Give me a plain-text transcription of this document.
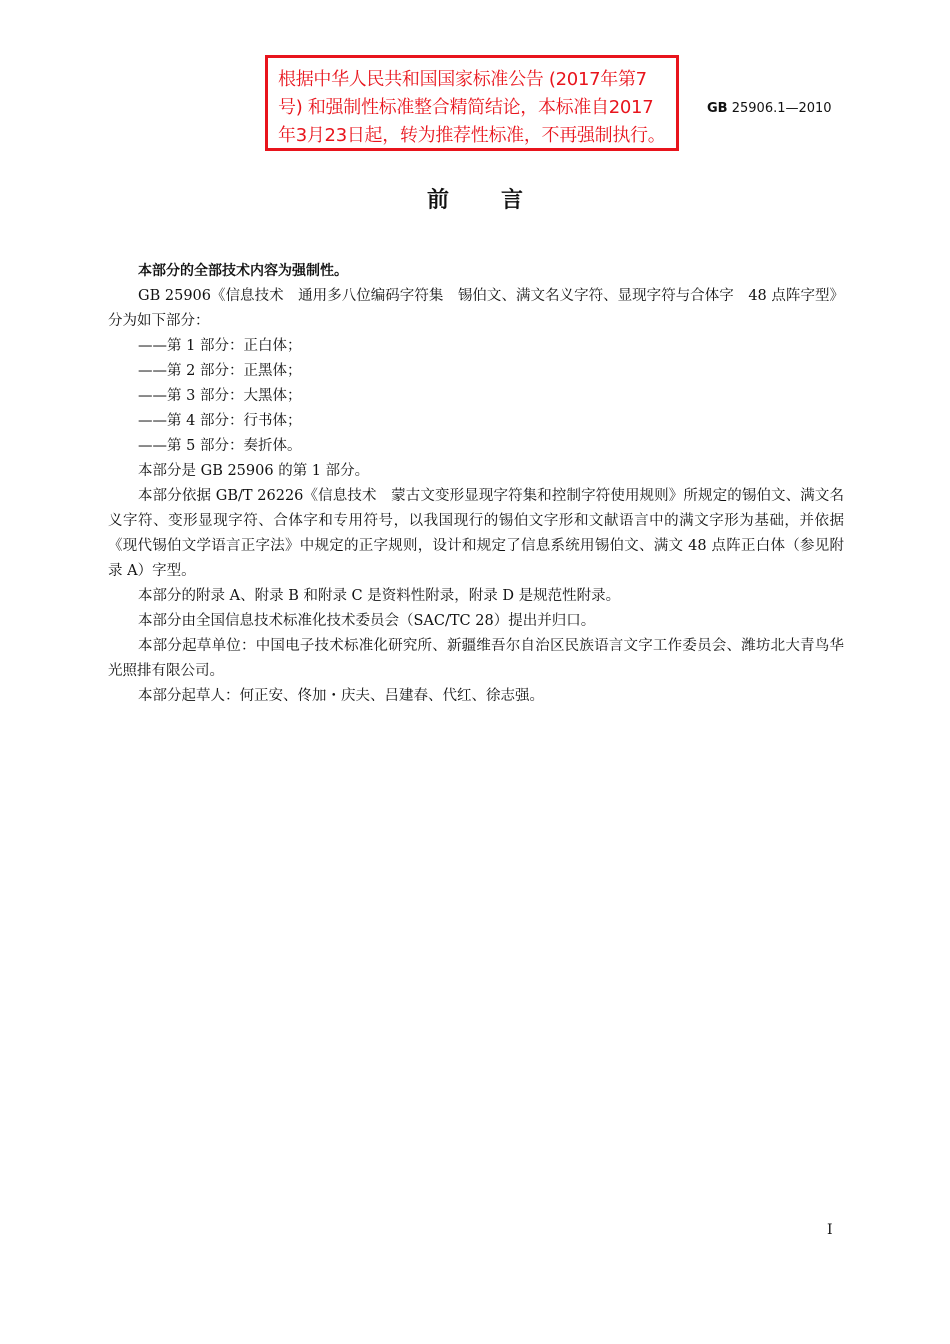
根据中华人民共和国国家标准公告 (2017年第7
号) 和强制性标准整合精简结论，本标准自2017
年3月23日起，转为推荐性标准，不再强制执行。
GB 25906.1—2010
前言

本部分的全部技术内容为强制性。

GB 25906《信息技术　通用多八位编码字符集　锡伯文、满文名义字符、显现字符与合体字　48 点阵字型》分为如下部分：

——第 1 部分：正白体；

——第 2 部分：正黑体；

——第 3 部分：大黑体；

——第 4 部分：行书体；

——第 5 部分：奏折体。

本部分是 GB 25906 的第 1 部分。

本部分依据 GB/T 26226《信息技术　蒙古文变形显现字符集和控制字符使用规则》所规定的锡伯文、满文名义字符、变形显现字符、合体字和专用符号，以我国现行的锡伯文字形和文献语言中的满文字形为基础，并依据《现代锡伯文学语言正字法》中规定的正字规则，设计和规定了信息系统用锡伯文、满文 48 点阵正白体（参见附录 A）字型。

本部分的附录 A、附录 B 和附录 C 是资料性附录，附录 D 是规范性附录。

本部分由全国信息技术标准化技术委员会（SAC/TC 28）提出并归口。

本部分起草单位：中国电子技术标准化研究所、新疆维吾尔自治区民族语言文字工作委员会、潍坊北大青鸟华光照排有限公司。

本部分起草人：何正安、佟加・庆夫、吕建春、代红、徐志强。

I
